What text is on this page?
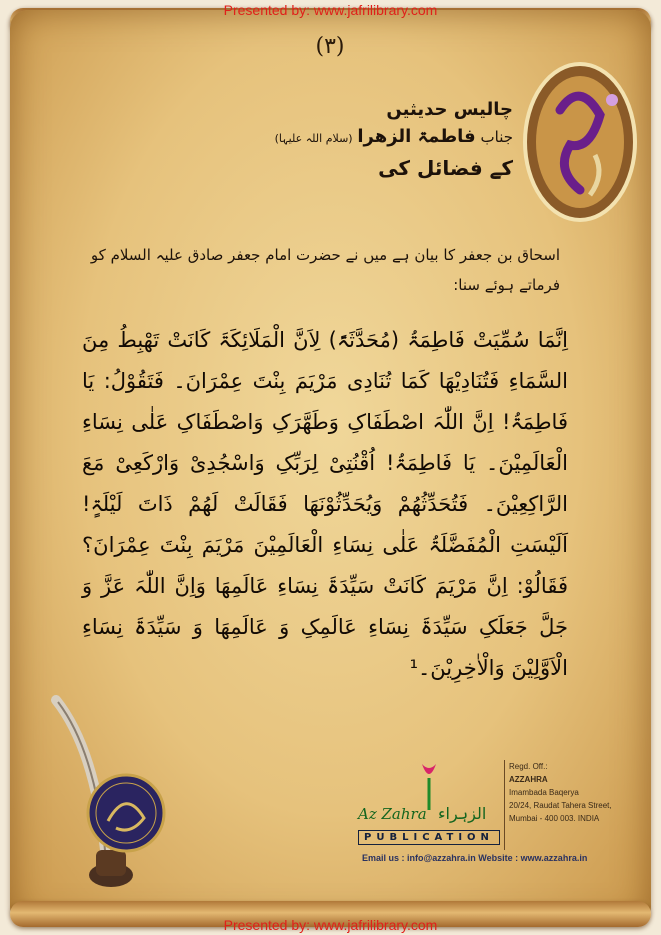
Presented by: www.jafrilibrary.com
(۳)
چالیس حدیثیں
جناب فاطمۃ الزھرا (سلام اللہ علیہا)
کے فضائل کی
اسحاق بن جعفر کا بیان ہے میں نے حضرت امام جعفر صادق علیہ السلام کو فرماتے ہوئے سنا:
اِنَّمَا سُمِّیَتْ فَاطِمَۃُ (مُحَدَّثَۃً) لِاَنَّ الْمَلَائِکَۃَ کَانَتْ تَھْبِطُ مِنَ السَّمَاءِ فَتُنَادِیْھَا کَمَا تُنَادِی مَرْیَمَ بِنْتَ عِمْرَانَ۔ فَتَقُوْلُ: یَا فَاطِمَۃُ! اِنَّ اللّٰہَ اصْطَفَاکِ وَطَھَّرَکِ وَاصْطَفَاکِ عَلٰی نِسَاءِ الْعَالَمِیْنَ۔ یَا فَاطِمَۃُ! اُقْنُتِیْ لِرَبِّکِ وَاسْجُدِیْ وَارْکَعِیْ مَعَ الرَّاکِعِیْنَ۔ فَتُحَدِّثُھُمْ وَیُحَدِّثُوْنَھَا فَقَالَتْ لَھُمْ ذَاتَ لَیْلَۃٍ! اَلَیْسَتِ الْمُفَضَّلَۃُ عَلٰی نِسَاءِ الْعَالَمِیْنَ مَرْیَمَ بِنْتَ عِمْرَانَ؟ فَقَالُوْ: اِنَّ مَرْیَمَ کَانَتْ سَیِّدَۃَ نِسَاءِ عَالَمِھَا وَاِنَّ اللّٰہَ عَزَّ وَ جَلَّ جَعَلَکِ سَیِّدَۃَ نِسَاءِ عَالَمِکِ وَ عَالَمِھَا وَ سَیِّدَۃَ نِسَاءِ الْاَوَّلِیْنَ وَالْاٰخِرِیْنَ۔¹
Az Zahra الزہراء
PUBLICATION
Regd. Off.:
AZZAHRA
Imambada Baqerya
20/24, Raudat Tahera Street,
Mumbai - 400 003. INDIA
Email us : info@azzahra.in Website : www.azzahra.in
Presented by: www.jafrilibrary.com
